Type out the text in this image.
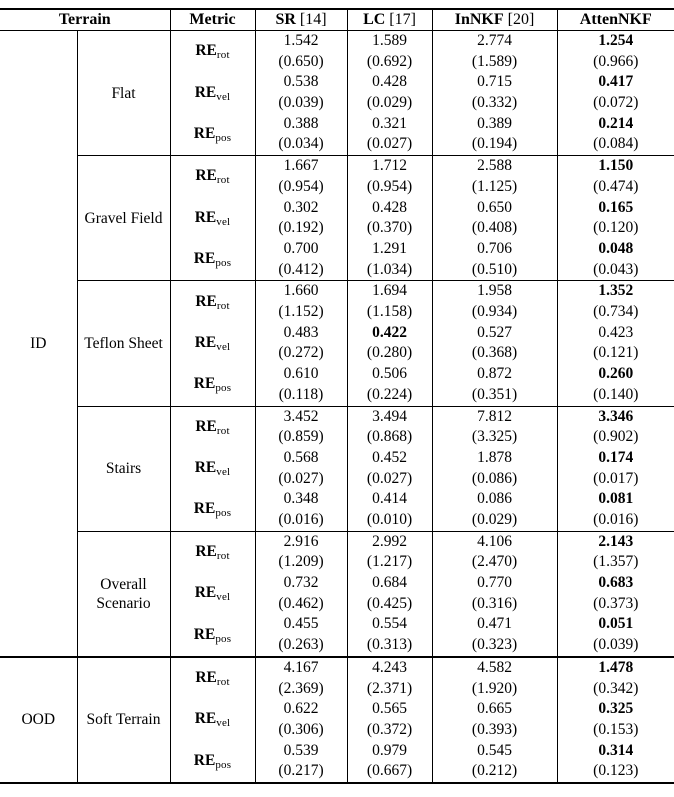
Terrain		Metric	SR [14]	LC [17]	InNKF [20]	AttenNKF
ID	Flat	RErot	
1.542
(0.650)

1.589
(0.692)

2.774
(1.589)

1.254
(0.966)

REvel	
0.538
(0.039)

0.428
(0.029)

0.715
(0.332)

0.417
(0.072)

REpos	
0.388
(0.034)

0.321
(0.027)

0.389
(0.194)

0.214
(0.084)

Gravel Field	RErot	
1.667
(0.954)

1.712
(0.954)

2.588
(1.125)

1.150
(0.474)

REvel	
0.302
(0.192)

0.428
(0.370)

0.650
(0.408)

0.165
(0.120)

REpos	
0.700
(0.412)

1.291
(1.034)

0.706
(0.510)

0.048
(0.043)

Teflon Sheet	RErot	
1.660
(1.152)

1.694
(1.158)

1.958
(0.934)

1.352
(0.734)

REvel	
0.483
(0.272)

0.422
(0.280)

0.527
(0.368)

0.423
(0.121)

REpos	
0.610
(0.118)

0.506
(0.224)

0.872
(0.351)

0.260
(0.140)

Stairs	RErot	
3.452
(0.859)

3.494
(0.868)

7.812
(3.325)

3.346
(0.902)

REvel	
0.568
(0.027)

0.452
(0.027)

1.878
(0.086)

0.174
(0.017)

REpos	
0.348
(0.016)

0.414
(0.010)

0.086
(0.029)

0.081
(0.016)

Overall Scenario	RErot	
2.916
(1.209)

2.992
(1.217)

4.106
(2.470)

2.143
(1.357)

REvel	
0.732
(0.462)

0.684
(0.425)

0.770
(0.316)

0.683
(0.373)

REpos	
0.455
(0.263)

0.554
(0.313)

0.471
(0.323)

0.051
(0.039)

OOD	Soft Terrain	RErot	
4.167
(2.369)

4.243
(2.371)

4.582
(1.920)

1.478
(0.342)

REvel	
0.622
(0.306)

0.565
(0.372)

0.665
(0.393)

0.325
(0.153)

REpos	
0.539
(0.217)

0.979
(0.667)

0.545
(0.212)

0.314
(0.123)
